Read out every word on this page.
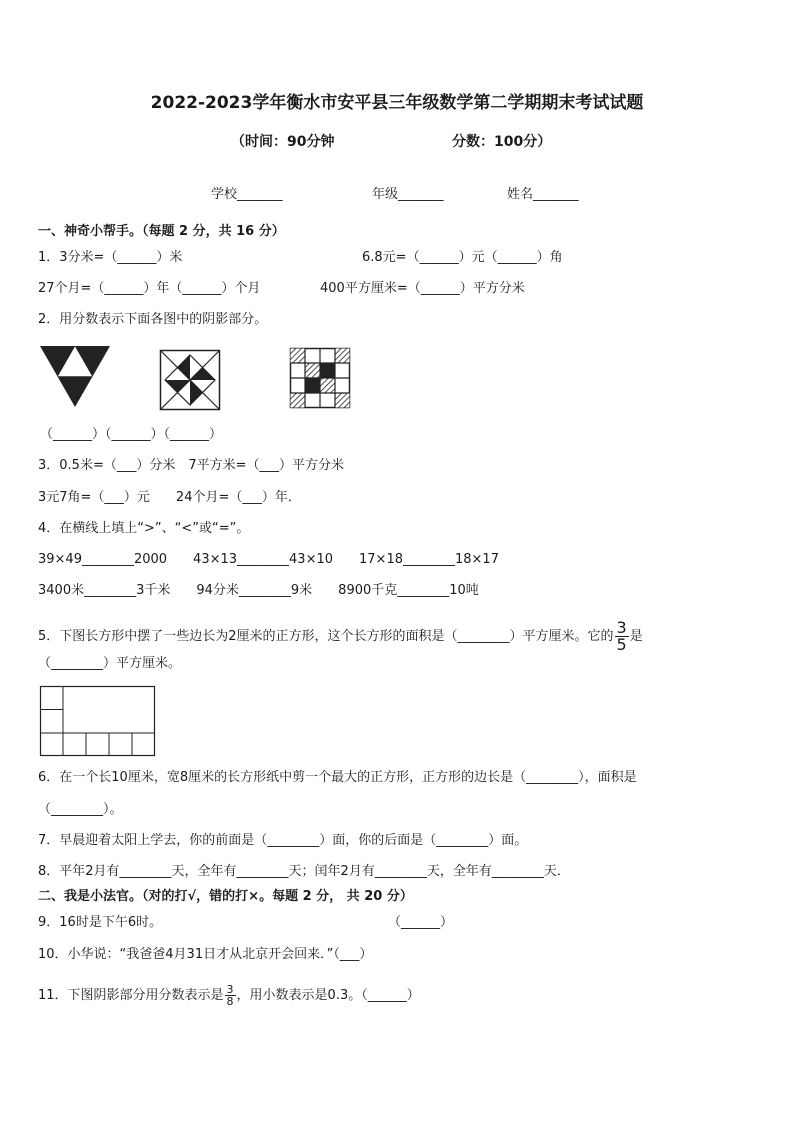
2022-2023学年衡水市安平县三年级数学第二学期期末考试试题
（时间：90分钟	分数：100分）
学校_______	年级_______	姓名_______
一、神奇小帮手。（每题 2 分，共 16 分）
1．3分米=（______）米	6.8元=（______）元（______）角
27个月=（______）年（______）个月	400平方厘米=（______）平方分米
2．用分数表示下面各图中的阴影部分。
（______）（______）（______）
3．0.5米=（___）分米　7平方米=（___）平方分米
3元7角=（___）元　　24个月=（___）年．
4．在横线上填上“>”、“<”或“=”。
39×49________2000　　43×13________43×10　　17×18________18×17
3400米________3千米　　94分米________9米　　8900千克________10吨
5．下图长方形中摆了一些边长为2厘米的正方形，这个长方形的面积是（________）平方厘米。它的 $\frac{3}{5}$ 是
（________）平方厘米。
6．在一个长10厘米，宽8厘米的长方形纸中剪一个最大的正方形，正方形的边长是（________），面积是
（________）。
7．早晨迎着太阳上学去，你的前面是（________）面，你的后面是（________）面。
8．平年2月有________天，全年有________天；闰年2月有________天，全年有________天．
二、我是小法官。（对的打√，错的打×。每题 2 分， 共 20 分）
9．16时是下午6时。	（______）
10．小华说：“我爸爸4月31日才从北京开会回来．”（___）
11．下图阴影部分用分数表示是 $\frac{3}{8}$ ，用小数表示是0.3。（______）
